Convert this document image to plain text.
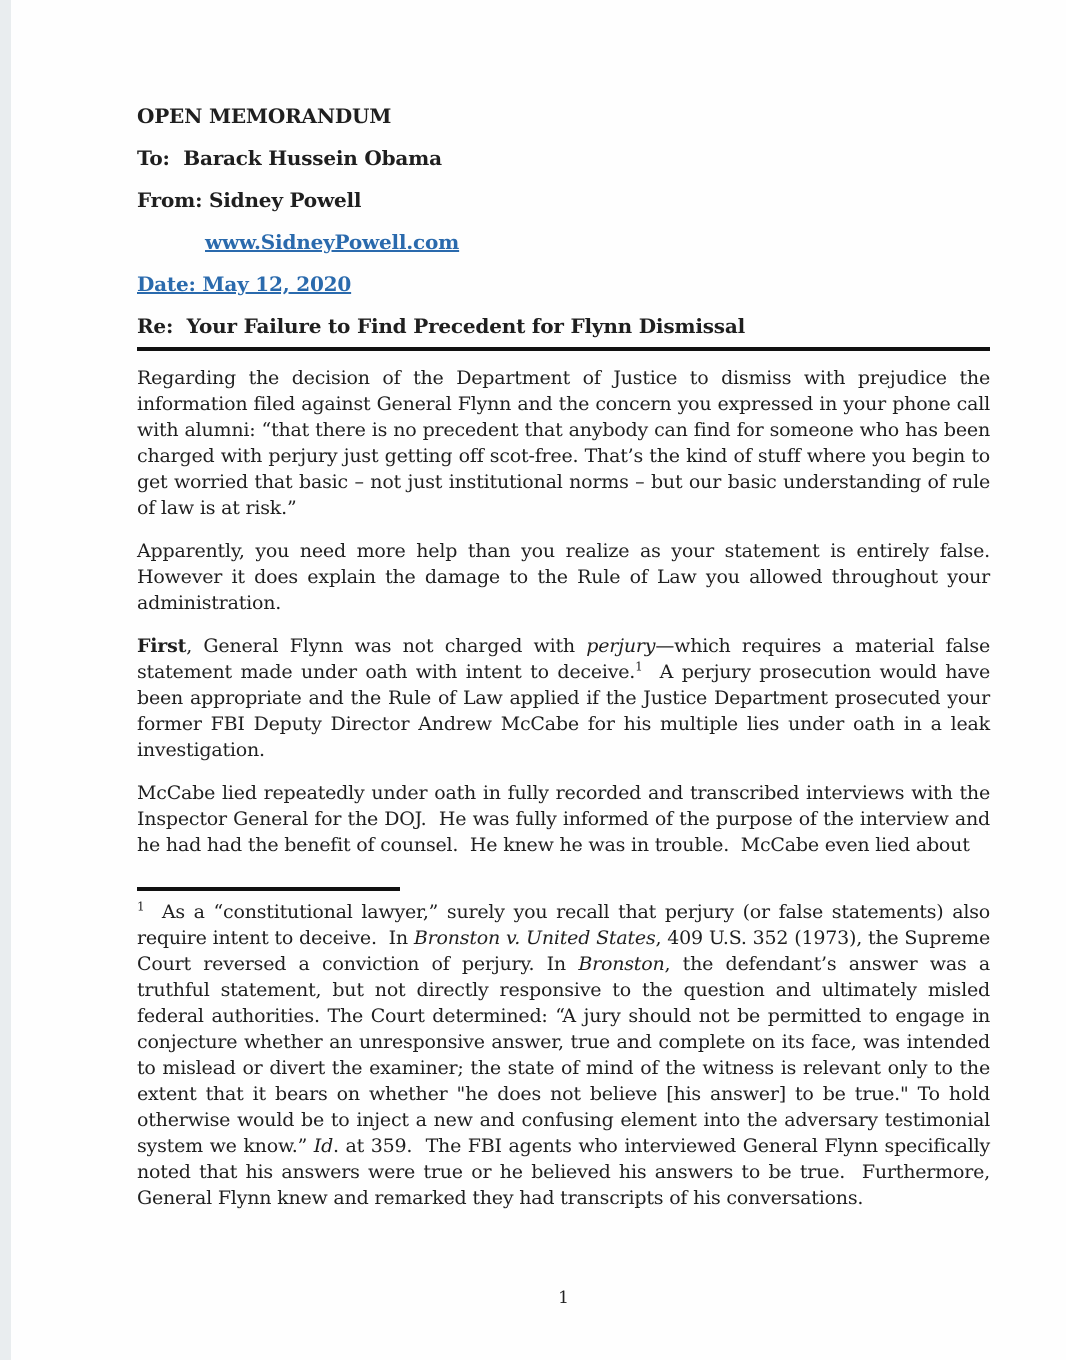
OPEN MEMORANDUM

To:  Barack Hussein Obama

From: Sidney Powell

www.SidneyPowell.com

Date: May 12, 2020

Re:  Your Failure to Find Precedent for Flynn Dismissal

Regarding the decision of the Department of Justice to dismiss with prejudice the information filed against General Flynn and the concern you expressed in your phone call with alumni: “that there is no precedent that anybody can find for someone who has been charged with perjury just getting off scot-free. That’s the kind of stuff where you begin to get worried that basic – not just institutional norms – but our basic understanding of rule of law is at risk.”

Apparently, you need more help than you realize as your statement is entirely false. However it does explain the damage to the Rule of Law you allowed throughout your administration.

First, General Flynn was not charged with perjury—which requires a material false statement made under oath with intent to deceive.$^1$  A perjury prosecution would have been appropriate and the Rule of Law applied if the Justice Department prosecuted your former FBI Deputy Director Andrew McCabe for his multiple lies under oath in a leak investigation.

McCabe lied repeatedly under oath in fully recorded and transcribed interviews with the Inspector General for the DOJ.  He was fully informed of the purpose of the interview and he had had the benefit of counsel.  He knew he was in trouble.  McCabe even lied about

$^1$  As a “constitutional lawyer,” surely you recall that perjury (or false statements) also require intent to deceive.  In Bronston v. United States, 409 U.S. 352 (1973), the Supreme Court reversed a conviction of perjury. In Bronston, the defendant’s answer was a truthful statement, but not directly responsive to the question and ultimately misled federal authorities. The Court determined: “A jury should not be permitted to engage in conjecture whether an unresponsive answer, true and complete on its face, was intended to mislead or divert the examiner; the state of mind of the witness is relevant only to the extent that it bears on whether "he does not believe [his answer] to be true." To hold otherwise would be to inject a new and confusing element into the adversary testimonial system we know.” Id. at 359.  The FBI agents who interviewed General Flynn specifically noted that his answers were true or he believed his answers to be true.  Furthermore, General Flynn knew and remarked they had transcripts of his conversations.

1
